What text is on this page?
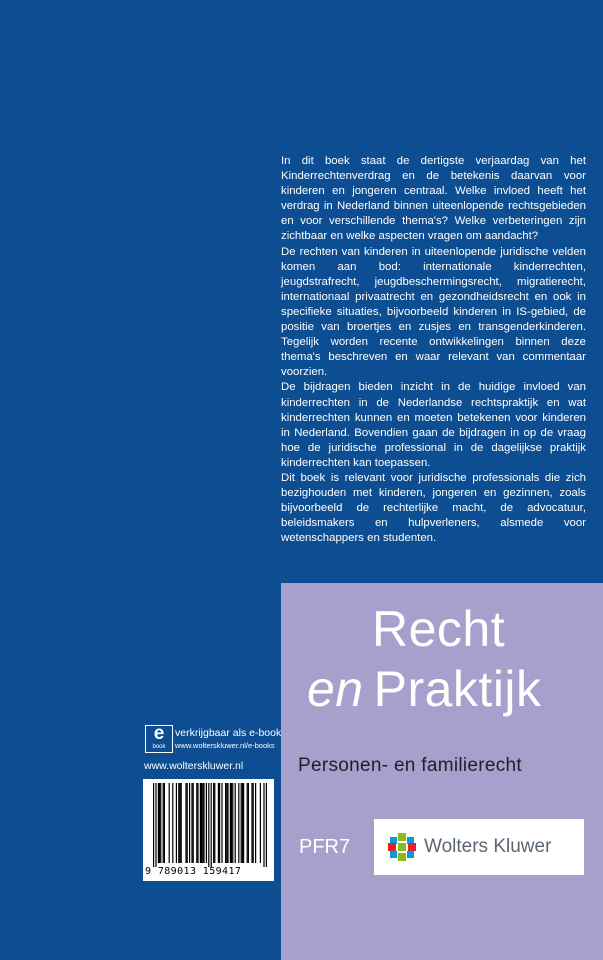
In dit boek staat de dertigste verjaardag van het Kinderrechtenverdrag en de betekenis daarvan voor kinderen en jongeren centraal. Welke invloed heeft het verdrag in Nederland binnen uiteenlopende rechtsgebieden en voor verschillende thema's? Welke verbeteringen zijn zichtbaar en welke aspecten vragen om aandacht?

De rechten van kinderen in uiteenlopende juridische velden komen aan bod: internationale kinderrechten, jeugdstrafrecht, jeugdbeschermingsrecht, migratierecht, internationaal privaatrecht en gezondheidsrecht en ook in specifieke situaties, bijvoorbeeld kinderen in IS-gebied, de positie van broertjes en zusjes en transgenderkinderen. Tegelijk worden recente ontwikkelingen binnen deze thema's beschreven en waar relevant van commentaar voorzien.

De bijdragen bieden inzicht in de huidige invloed van kinderrechten in de Nederlandse rechtspraktijk en wat kinderrechten kunnen en moeten betekenen voor kinderen in Nederland. Bovendien gaan de bijdragen in op de vraag hoe de juridische professional in de dagelijkse praktijk kinderrechten kan toepassen.

Dit boek is relevant voor juridische professionals die zich bezighouden met kinderen, jongeren en gezinnen, zoals bijvoorbeeld de rechterlijke macht, de advocatuur, beleidsmakers en hulpverleners, alsmede voor wetenschappers en studenten.

Recht
en Praktijk
Personen- en familierecht
PFR7	Wolters Kluwer
e
book
verkrijgbaar als e-book
www.wolterskluwer.nl/e-books
www.wolterskluwer.nl
9 789013 159417
